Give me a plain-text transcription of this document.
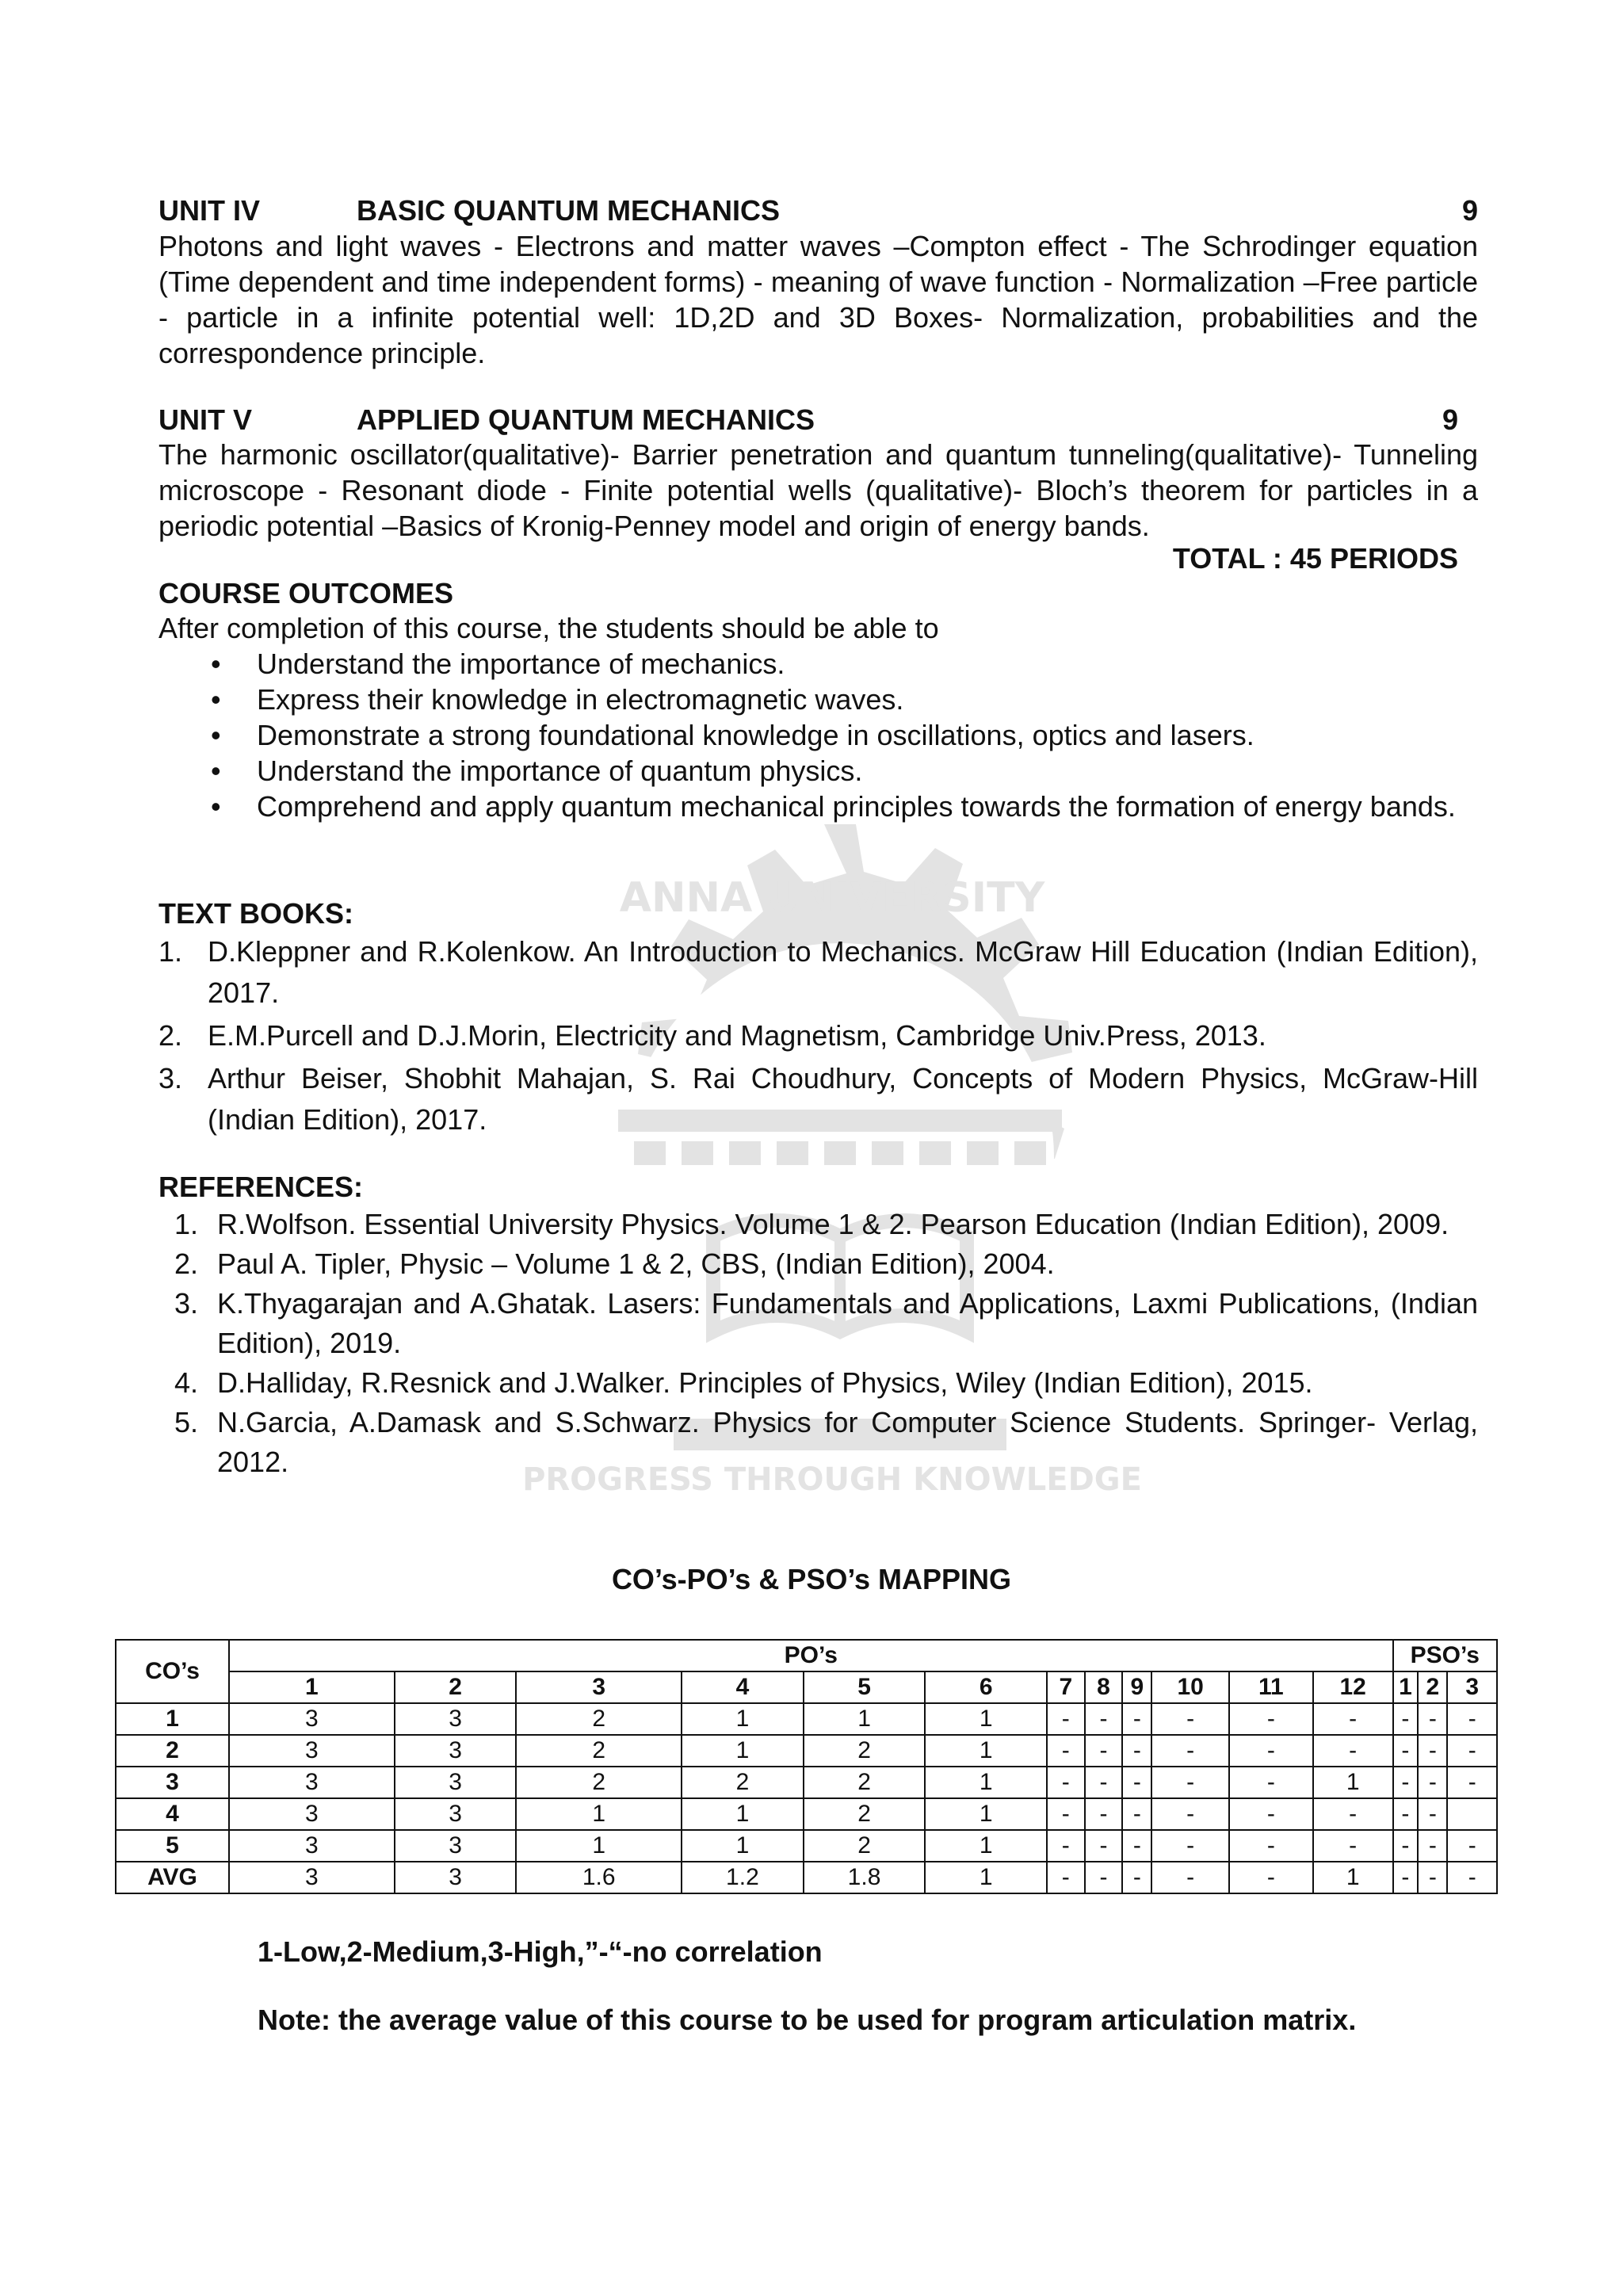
ANNA UNIVERSITY
PROGRESS THROUGH KNOWLEDGE
UNIT IV	BASIC QUANTUM MECHANICS	9

Photons and light waves - Electrons and matter waves –Compton effect - The Schrodinger equation (Time dependent and time independent forms) - meaning of wave function - Normalization –Free particle - particle in a infinite potential well: 1D,2D and 3D Boxes- Normalization, probabilities and the correspondence principle.

UNIT V	APPLIED QUANTUM MECHANICS	9

The harmonic oscillator(qualitative)- Barrier penetration and quantum tunneling(qualitative)- Tunneling microscope - Resonant diode - Finite potential wells (qualitative)- Bloch’s theorem for particles in a periodic potential –Basics of Kronig-Penney model and origin of energy bands.

TOTAL : 45 PERIODS
COURSE OUTCOMES
After completion of this course, the students should be able to
• Understand the importance of mechanics.
• Express their knowledge in electromagnetic waves.
• Demonstrate a strong foundational knowledge in oscillations, optics and lasers.
• Understand the importance of quantum physics.
• Comprehend and apply quantum mechanical principles towards the formation of energy bands.
TEXT BOOKS:
1. D.Kleppner and R.Kolenkow. An Introduction to Mechanics. McGraw Hill Education (Indian Edition), 2017.
2. E.M.Purcell and D.J.Morin, Electricity and Magnetism, Cambridge Univ.Press, 2013.
3. Arthur Beiser, Shobhit Mahajan, S. Rai Choudhury, Concepts of Modern Physics, McGraw-Hill (Indian Edition), 2017.
REFERENCES:
1. R.Wolfson. Essential University Physics. Volume 1 & 2. Pearson Education (Indian Edition), 2009.
2. Paul A. Tipler, Physic – Volume 1 & 2, CBS, (Indian Edition), 2004.
3. K.Thyagarajan and A.Ghatak. Lasers: Fundamentals and Applications, Laxmi Publications, (Indian Edition), 2019.
4. D.Halliday, R.Resnick and J.Walker. Principles of Physics, Wiley (Indian Edition), 2015.
5. N.Garcia, A.Damask and S.Schwarz. Physics for Computer Science Students. Springer- Verlag, 2012.
CO’s-PO’s & PSO’s MAPPING
CO’s	PO’s												PSO’s		
	1	2	3	4	5	6	7	8	9	10	11	12	1	2	3
1	3	3	2	1	1	1	-	-	-	-	-	-	-	-	-
2	3	3	2	1	2	1	-	-	-	-	-	-	-	-	-
3	3	3	2	2	2	1	-	-	-	-	-	1	-	-	-
4	3	3	1	1	2	1	-	-	-	-	-	-	-	-	
5	3	3	1	1	2	1	-	-	-	-	-	-	-	-	-
AVG	3	3	1.6	1.2	1.8	1	-	-	-	-	-	1	-	-	-
1-Low,2-Medium,3-High,”-“-no correlation
Note: the average value of this course to be used for program articulation matrix.
